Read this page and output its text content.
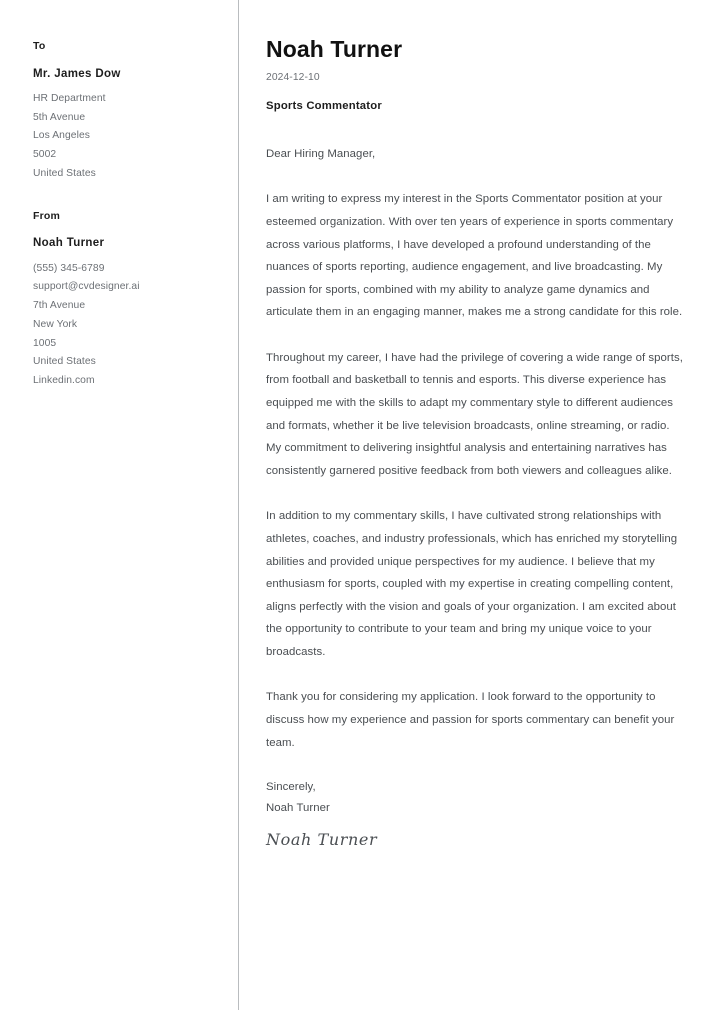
To
Mr. James Dow
HR Department
5th Avenue
Los Angeles
5002
United States
From
Noah Turner
(555) 345-6789
support@cvdesigner.ai
7th Avenue
New York
1005
United States
Linkedin.com
Noah Turner
2024-12-10
Sports Commentator

Dear Hiring Manager,

I am writing to express my interest in the Sports Commentator position at your esteemed organization. With over ten years of experience in sports commentary across various platforms, I have developed a profound understanding of the nuances of sports reporting, audience engagement, and live broadcasting. My passion for sports, combined with my ability to analyze game dynamics and articulate them in an engaging manner, makes me a strong candidate for this role.

Throughout my career, I have had the privilege of covering a wide range of sports, from football and basketball to tennis and esports. This diverse experience has equipped me with the skills to adapt my commentary style to different audiences and formats, whether it be live television broadcasts, online streaming, or radio. My commitment to delivering insightful analysis and entertaining narratives has consistently garnered positive feedback from both viewers and colleagues alike.

In addition to my commentary skills, I have cultivated strong relationships with athletes, coaches, and industry professionals, which has enriched my storytelling abilities and provided unique perspectives for my audience. I believe that my enthusiasm for sports, coupled with my expertise in creating compelling content, aligns perfectly with the vision and goals of your organization. I am excited about the opportunity to contribute to your team and bring my unique voice to your broadcasts.

Thank you for considering my application. I look forward to the opportunity to discuss how my experience and passion for sports commentary can benefit your team.

Sincerely,
Noah Turner
Noah Turner
